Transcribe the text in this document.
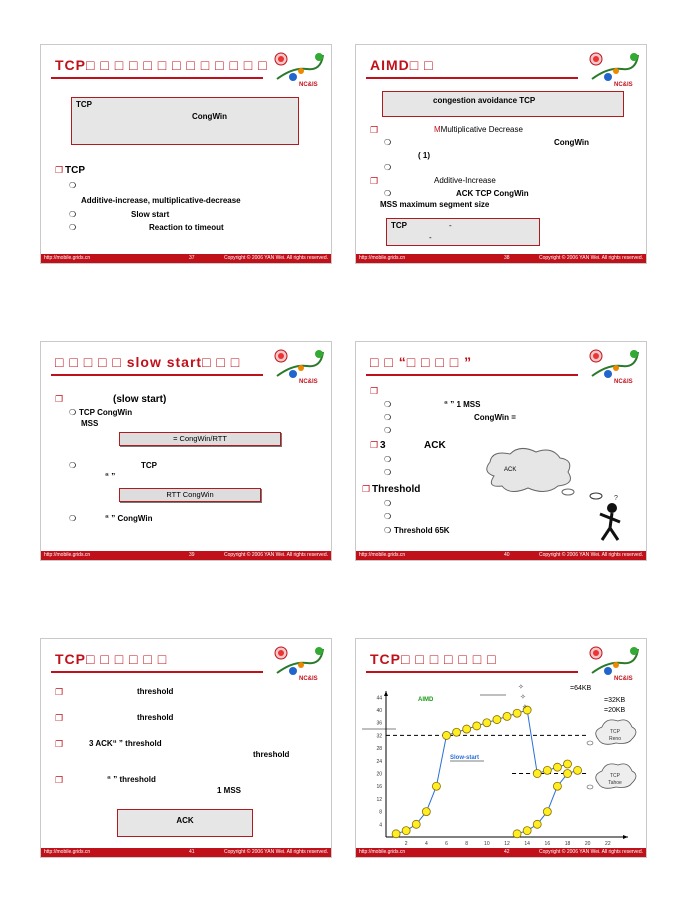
TCP□ □ □ □ □ □ □ □ □ □ □ □ □
NC&IS
TCP
CongWin
❐ TCP
❍
Additive-increase, multiplicative-decrease
❍	Slow start
❍	Reaction to timeout
http://mobile.grids.cn	37	Copyright © 2006 YAN Wei. All rights reserved.
AIMD□ □
NC&IS
congestion avoidance TCP
❐	MMultiplicative Decrease
❍	CongWin
( 1)
❍
❐	Additive-Increase
❍	ACK TCP CongWin
MSS maximum segment size
TCP	-
-
http://mobile.grids.cn	38	Copyright © 2006 YAN Wei. All rights reserved.
□ □ □ □ □ slow start□ □ □
NC&IS
❐	(slow start)
❍ TCP CongWin
MSS
= CongWin/RTT
❍	TCP
“ ”
RTT CongWin
❍	“ ” CongWin
http://mobile.grids.cn	39	Copyright © 2006 YAN Wei. All rights reserved.
□ □ “□ □ □ □ ”
NC&IS
❐
❍	“ ” 1 MSS
❍	CongWin =
❍
❐ 3	ACK
❍
❍	ACK
❐ Threshold
❍
❍
❍ Threshold 65K
?
http://mobile.grids.cn	40	Copyright © 2006 YAN Wei. All rights reserved.
TCP□ □ □ □ □ □
NC&IS
❐	threshold
❐	threshold
❐	3 ACK“ ” threshold
threshold
❐	“ ” threshold
1 MSS
ACK
http://mobile.grids.cn	41	Copyright © 2006 YAN Wei. All rights reserved.
TCP□ □ □ □ □ □ □
NC&IS
=64KB
=32KB
=20KB
4
8
12
16
20
24
28
32
36
40
44
2	4	6	8	10	12	14	16	18	20	22
AIMD
Slow-start
✧
✧
✧
TCP
Reno
TCP
Tahoe
http://mobile.grids.cn	42	Copyright © 2006 YAN Wei. All rights reserved.
